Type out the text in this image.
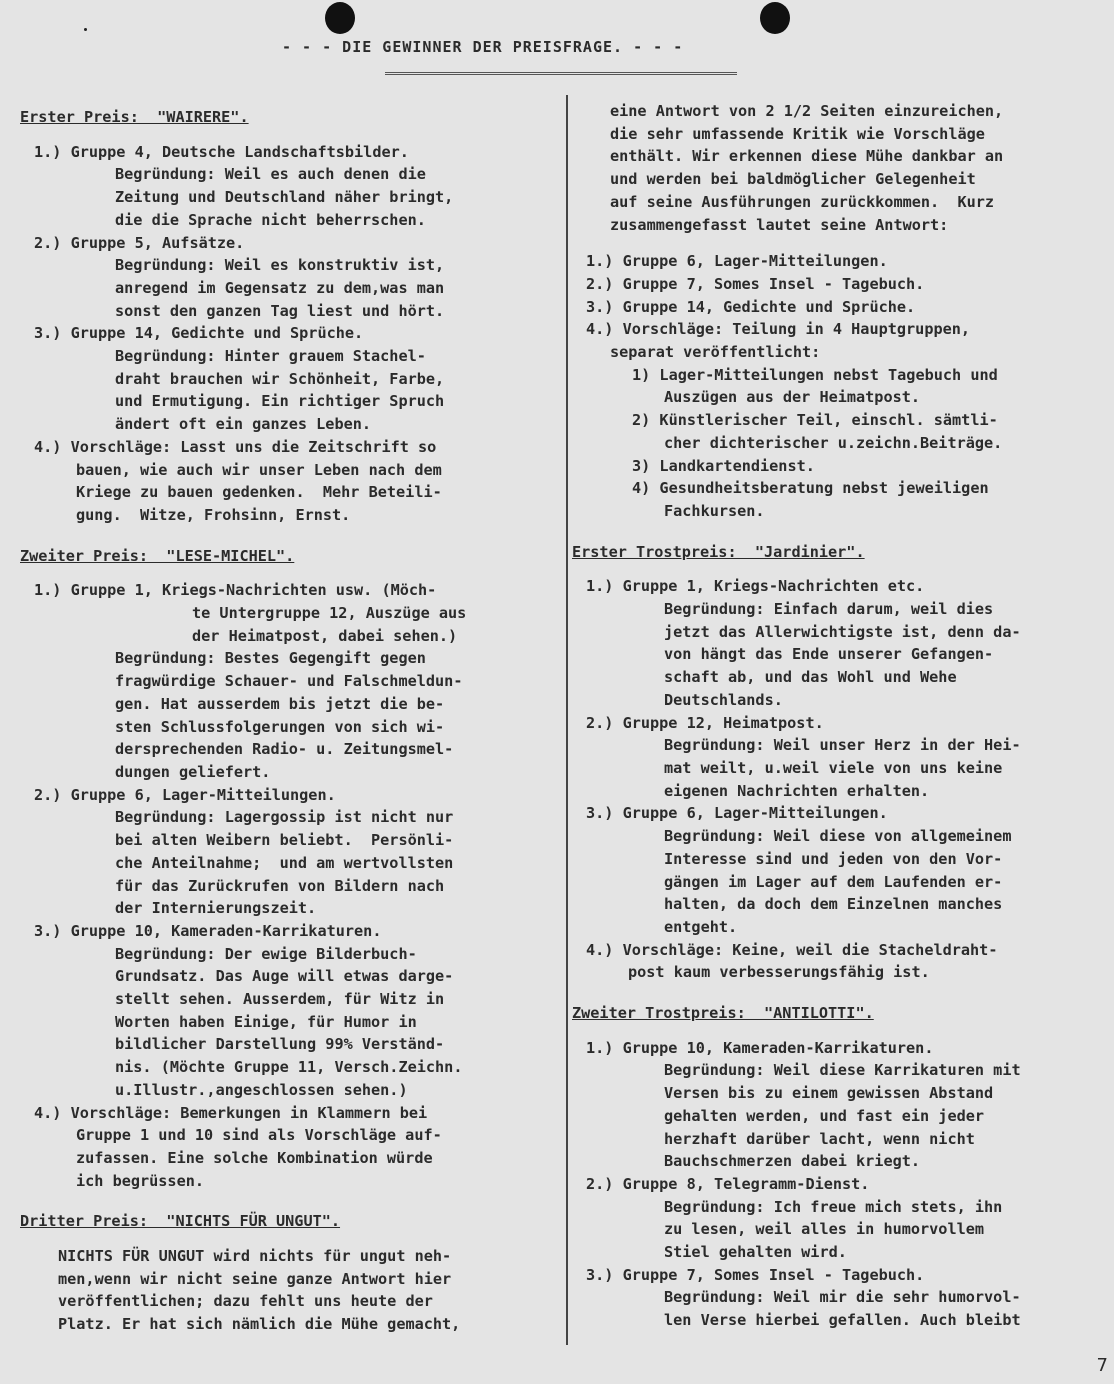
- - - DIE GEWINNER DER PREISFRAGE. - - -
Erster Preis:  "WAIRERE".
1.) Gruppe 4, Deutsche Landschaftsbilder.
Begründung: Weil es auch denen die
Zeitung und Deutschland näher bringt,
die die Sprache nicht beherrschen.
2.) Gruppe 5, Aufsätze.
Begründung: Weil es konstruktiv ist,
anregend im Gegensatz zu dem,was man
sonst den ganzen Tag liest und hört.
3.) Gruppe 14, Gedichte und Sprüche.
Begründung: Hinter grauem Stachel-
draht brauchen wir Schönheit, Farbe,
und Ermutigung. Ein richtiger Spruch
ändert oft ein ganzes Leben.
4.) Vorschläge: Lasst uns die Zeitschrift so
bauen, wie auch wir unser Leben nach dem
Kriege zu bauen gedenken.  Mehr Beteili-
gung.  Witze, Frohsinn, Ernst.
Zweiter Preis:  "LESE-MICHEL".
1.) Gruppe 1, Kriegs-Nachrichten usw. (Möch-
te Untergruppe 12, Auszüge aus
der Heimatpost, dabei sehen.)
Begründung: Bestes Gegengift gegen
fragwürdige Schauer- und Falschmeldun-
gen. Hat ausserdem bis jetzt die be-
sten Schlussfolgerungen von sich wi-
dersprechenden Radio- u. Zeitungsmel-
dungen geliefert.
2.) Gruppe 6, Lager-Mitteilungen.
Begründung: Lagergossip ist nicht nur
bei alten Weibern beliebt.  Persönli-
che Anteilnahme;  und am wertvollsten
für das Zurückrufen von Bildern nach
der Internierungszeit.
3.) Gruppe 10, Kameraden-Karrikaturen.
Begründung: Der ewige Bilderbuch-
Grundsatz. Das Auge will etwas darge-
stellt sehen. Ausserdem, für Witz in
Worten haben Einige, für Humor in
bildlicher Darstellung 99% Verständ-
nis. (Möchte Gruppe 11, Versch.Zeichn.
u.Illustr.,angeschlossen sehen.)
4.) Vorschläge: Bemerkungen in Klammern bei
Gruppe 1 und 10 sind als Vorschläge auf-
zufassen. Eine solche Kombination würde
ich begrüssen.
Dritter Preis:  "NICHTS FÜR UNGUT".
NICHTS FÜR UNGUT wird nichts für ungut neh-
men,wenn wir nicht seine ganze Antwort hier
veröffentlichen; dazu fehlt uns heute der
Platz. Er hat sich nämlich die Mühe gemacht,
eine Antwort von 2 1/2 Seiten einzureichen,
die sehr umfassende Kritik wie Vorschläge
enthält. Wir erkennen diese Mühe dankbar an
und werden bei baldmöglicher Gelegenheit
auf seine Ausführungen zurückkommen.  Kurz
zusammengefasst lautet seine Antwort:
1.) Gruppe 6, Lager-Mitteilungen.
2.) Gruppe 7, Somes Insel - Tagebuch.
3.) Gruppe 14, Gedichte und Sprüche.
4.) Vorschläge: Teilung in 4 Hauptgruppen,
separat veröffentlicht:
1) Lager-Mitteilungen nebst Tagebuch und
Auszügen aus der Heimatpost.
2) Künstlerischer Teil, einschl. sämtli-
cher dichterischer u.zeichn.Beiträge.
3) Landkartendienst.
4) Gesundheitsberatung nebst jeweiligen
Fachkursen.
Erster Trostpreis:  "Jardinier".
1.) Gruppe 1, Kriegs-Nachrichten etc.
Begründung: Einfach darum, weil dies
jetzt das Allerwichtigste ist, denn da-
von hängt das Ende unserer Gefangen-
schaft ab, und das Wohl und Wehe
Deutschlands.
2.) Gruppe 12, Heimatpost.
Begründung: Weil unser Herz in der Hei-
mat weilt, u.weil viele von uns keine
eigenen Nachrichten erhalten.
3.) Gruppe 6, Lager-Mitteilungen.
Begründung: Weil diese von allgemeinem
Interesse sind und jeden von den Vor-
gängen im Lager auf dem Laufenden er-
halten, da doch dem Einzelnen manches
entgeht.
4.) Vorschläge: Keine, weil die Stacheldraht-
post kaum verbesserungsfähig ist.
Zweiter Trostpreis:  "ANTILOTTI".
1.) Gruppe 10, Kameraden-Karrikaturen.
Begründung: Weil diese Karrikaturen mit
Versen bis zu einem gewissen Abstand
gehalten werden, und fast ein jeder
herzhaft darüber lacht, wenn nicht
Bauchschmerzen dabei kriegt.
2.) Gruppe 8, Telegramm-Dienst.
Begründung: Ich freue mich stets, ihn
zu lesen, weil alles in humorvollem
Stiel gehalten wird.
3.) Gruppe 7, Somes Insel - Tagebuch.
Begründung: Weil mir die sehr humorvol-
len Verse hierbei gefallen. Auch bleibt
7
